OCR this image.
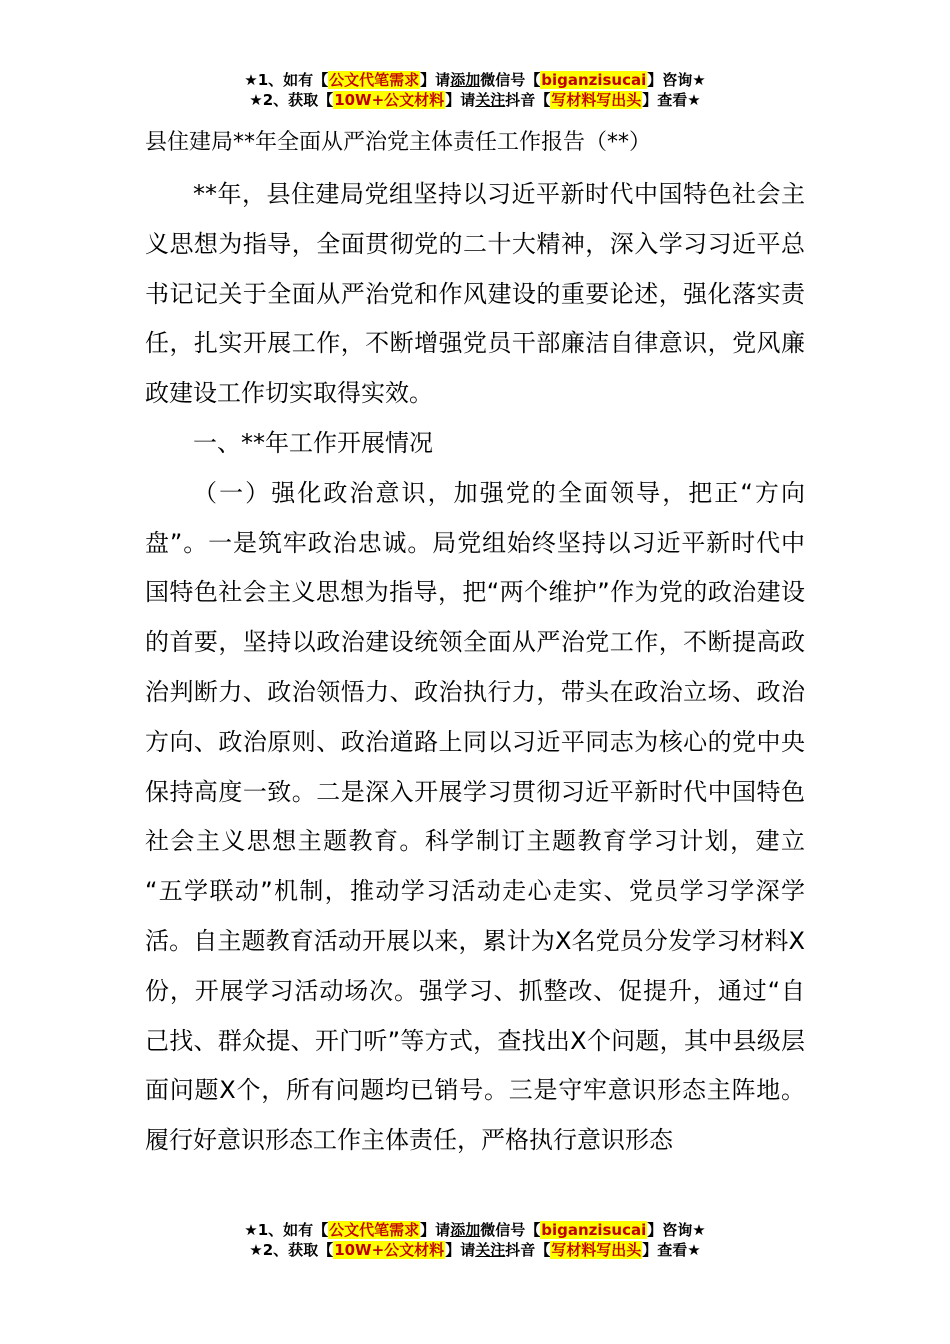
★1、如有【公文代笔需求】请添加微信号【biganzisucai】咨询★
★2、获取【10W+公文材料】请关注抖音【写材料写出头】查看★
县住建局**年全面从严治党主体责任工作报告（**）

**年，县住建局党组坚持以习近平新时代中国特色社会主义思想为指导，全面贯彻党的二十大精神，深入学习习近平总书记记关于全面从严治党和作风建设的重要论述，强化落实责任，扎实开展工作，不断增强党员干部廉洁自律意识，党风廉政建设工作切实取得实效。

一、**年工作开展情况

（一）强化政治意识，加强党的全面领导，把正“方向盘”。一是筑牢政治忠诚。局党组始终坚持以习近平新时代中国特色社会主义思想为指导，把“两个维护”作为党的政治建设的首要，坚持以政治建设统领全面从严治党工作，不断提高政治判断力、政治领悟力、政治执行力，带头在政治立场、政治方向、政治原则、政治道路上同以习近平同志为核心的党中央保持高度一致。二是深入开展学习贯彻习近平新时代中国特色社会主义思想主题教育。科学制订主题教育学习计划，建立 “五学联动”机制，推动学习活动走心走实、党员学习学深学活。自主题教育活动开展以来，累计为X名党员分发学习材料X份，开展学习活动场次。强学习、抓整改、促提升，通过“自己找、群众提、开门听”等方式，查找出X个问题，其中县级层面问题X个，所有问题均已销号。三是守牢意识形态主阵地。履行好意识形态工作主体责任，严格执行意识形态

★1、如有【公文代笔需求】请添加微信号【biganzisucai】咨询★
★2、获取【10W+公文材料】请关注抖音【写材料写出头】查看★
